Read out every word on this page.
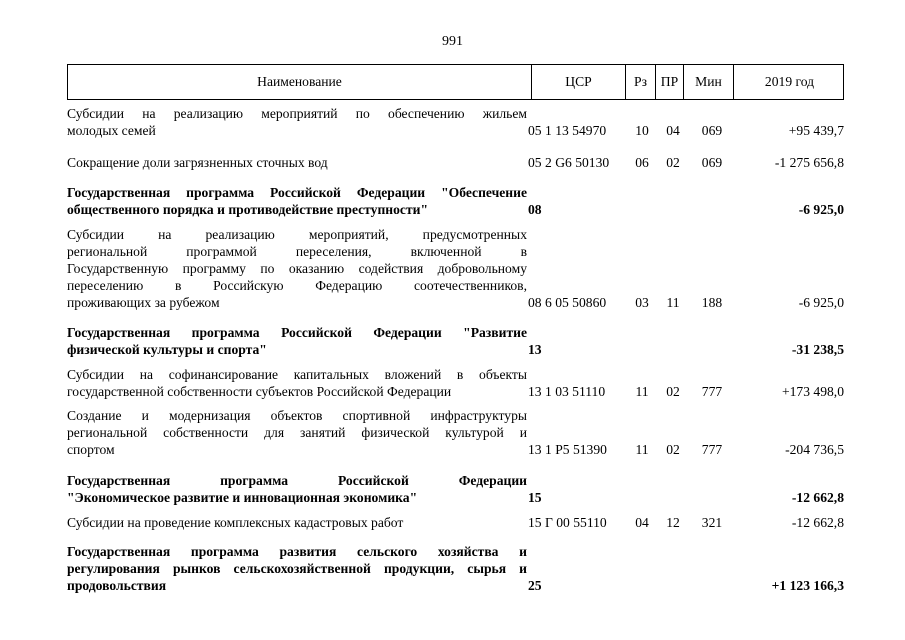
991
Наименование	ЦСР	Рз	ПР	Мин	2019 год
Субсидии на реализацию мероприятий по обеспечению жильем
молодых семей	05 1 13 54970 10 04	069	+95 439,7
Сокращение доли загрязненных сточных вод	05 2 G6 50130 06 02	069	-1 275 656,8
Государственная программа Российской Федерации "Обеспечение
общественного порядка и противодействие преступности"	08	-6 925,0
Субсидии на реализацию мероприятий, предусмотренных
региональной программой переселения, включенной в
Государственную программу по оказанию содействия добровольному
переселению в Российскую Федерацию соотечественников,
проживающих за рубежом	08 6 05 50860 03 11	188	-6 925,0
Государственная программа Российской Федерации "Развитие
физической культуры и спорта"	13	-31 238,5
Субсидии на софинансирование капитальных вложений в объекты
государственной собственности субъектов Российской Федерации	13 1 03 51110 11 02	777	+173 498,0
Создание и модернизация объектов спортивной инфраструктуры
региональной собственности для занятий физической культурой и
спортом	13 1 P5 51390 11 02	777	-204 736,5
Государственная программа Российской Федерации
"Экономическое развитие и инновационная экономика"	15	-12 662,8
Субсидии на проведение комплексных кадастровых работ	15 Г 00 55110 04 12	321	-12 662,8
Государственная программа развития сельского хозяйства и
регулирования рынков сельскохозяйственной продукции, сырья и
продовольствия	25	+1 123 166,3
